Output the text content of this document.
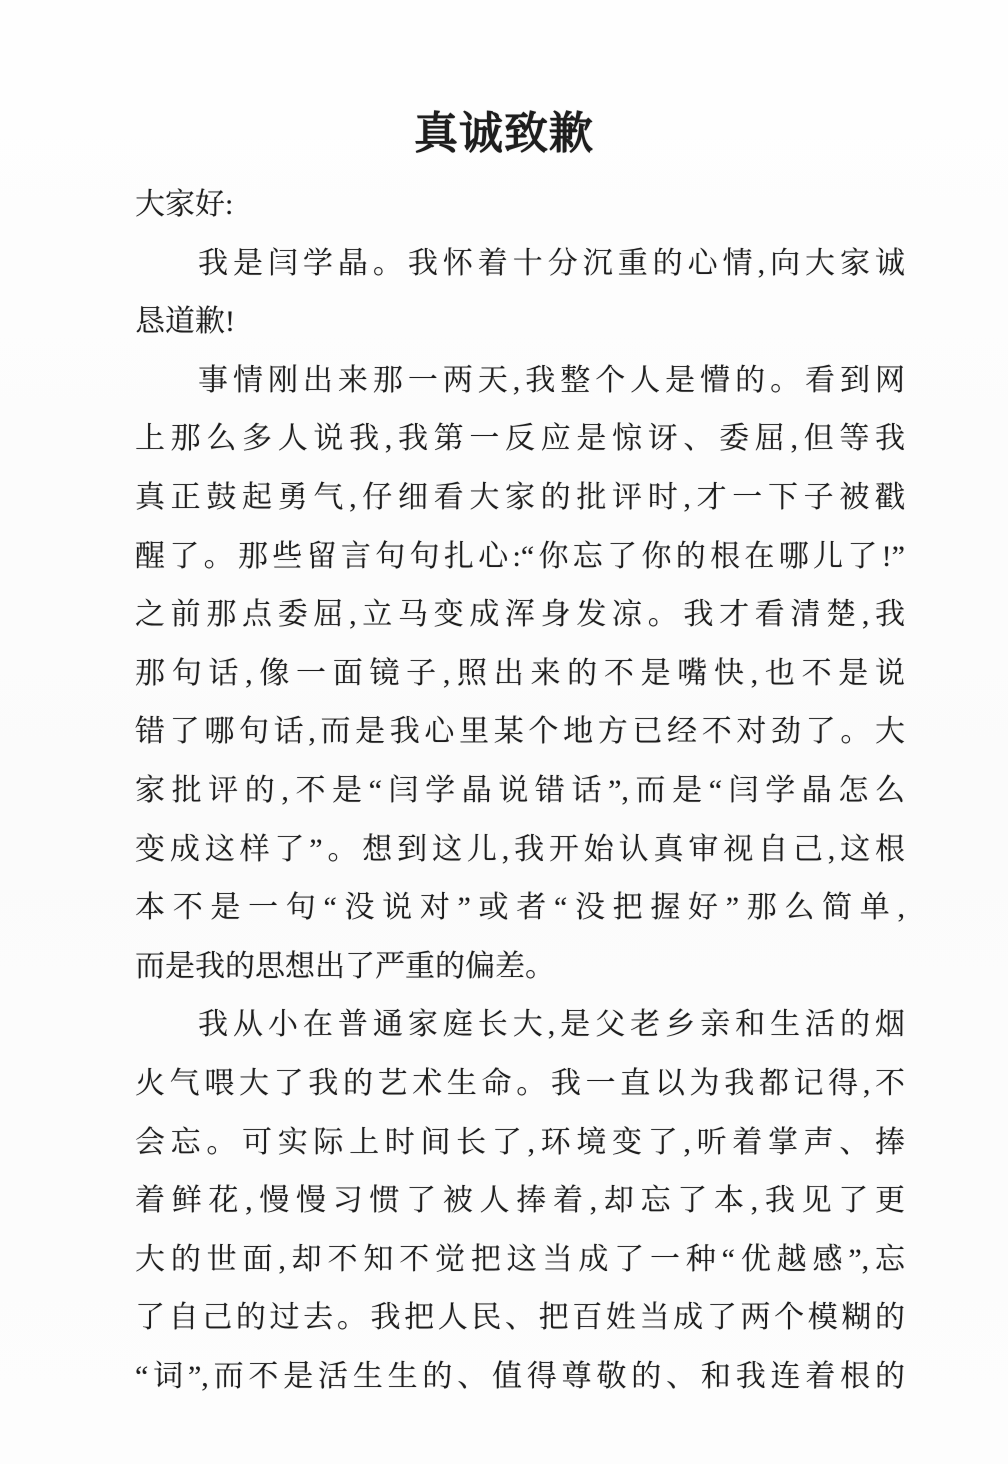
真诚致歉
大家好:
我是闫学晶。我怀着十分沉重的心情,向大家诚
恳道歉!
事情刚出来那一两天,我整个人是懵的。看到网
上那么多人说我,我第一反应是惊讶、委屈,但等我
真正鼓起勇气,仔细看大家的批评时,才一下子被戳
醒了。那些留言句句扎心:“你忘了你的根在哪儿了!”
之前那点委屈,立马变成浑身发凉。我才看清楚,我
那句话,像一面镜子,照出来的不是嘴快,也不是说
错了哪句话,而是我心里某个地方已经不对劲了。大
家批评的,不是“闫学晶说错话”,而是“闫学晶怎么
变成这样了”。想到这儿,我开始认真审视自己,这根
本不是一句“没说对”或者“没把握好”那么简单,
而是我的思想出了严重的偏差。
我从小在普通家庭长大,是父老乡亲和生活的烟
火气喂大了我的艺术生命。我一直以为我都记得,不
会忘。可实际上时间长了,环境变了,听着掌声、捧
着鲜花,慢慢习惯了被人捧着,却忘了本,我见了更
大的世面,却不知不觉把这当成了一种“优越感”,忘
了自己的过去。我把人民、把百姓当成了两个模糊的
“词”,而不是活生生的、值得尊敬的、和我连着根的
